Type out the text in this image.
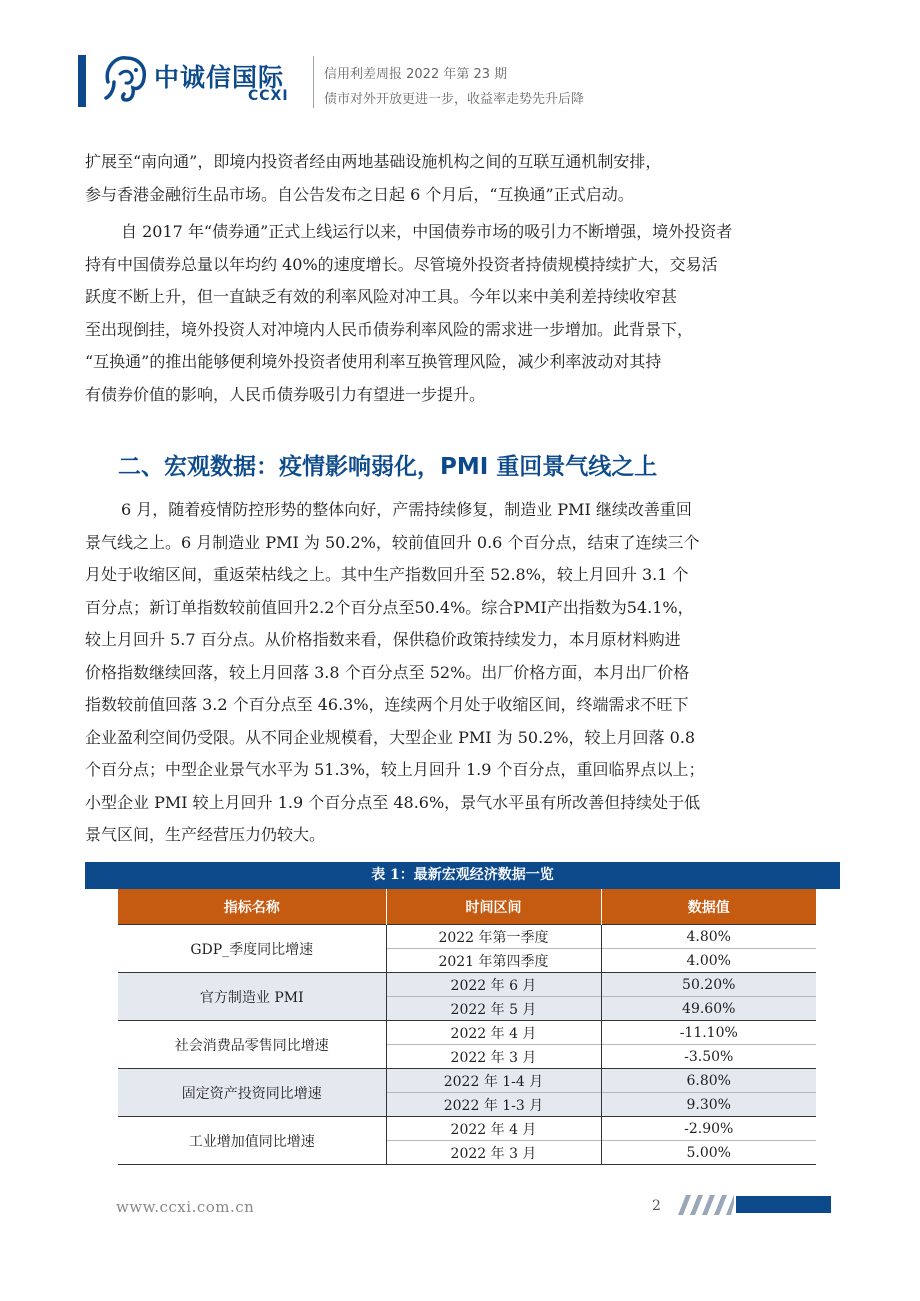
中诚信国际
CCXI
信用利差周报 2022 年第 23 期
债市对外开放更进一步，收益率走势先升后降
扩展至“南向通”，即境内投资者经由两地基础设施机构之间的互联互通机制安排，
参与香港金融衍生品市场。自公告发布之日起 6 个月后，“互换通”正式启动。
自 2017 年“债券通”正式上线运行以来，中国债券市场的吸引力不断增强，境外投资者
持有中国债券总量以年均约 40%的速度增长。尽管境外投资者持债规模持续扩大，交易活
跃度不断上升，但一直缺乏有效的利率风险对冲工具。今年以来中美利差持续收窄甚
至出现倒挂，境外投资人对冲境内人民币债券利率风险的需求进一步增加。此背景下，
“互换通”的推出能够便利境外投资者使用利率互换管理风险，减少利率波动对其持
有债券价值的影响，人民币债券吸引力有望进一步提升。
二、宏观数据：疫情影响弱化，PMI 重回景气线之上
6 月，随着疫情防控形势的整体向好，产需持续修复，制造业 PMI 继续改善重回
景气线之上。6 月制造业 PMI 为 50.2%，较前值回升 0.6 个百分点，结束了连续三个
月处于收缩区间，重返荣枯线之上。其中生产指数回升至 52.8%，较上月回升 3.1 个
百分点；新订单指数较前值回升2.2个百分点至50.4%。综合PMI产出指数为54.1%，
较上月回升 5.7 百分点。从价格指数来看，保供稳价政策持续发力，本月原材料购进
价格指数继续回落，较上月回落 3.8 个百分点至 52%。出厂价格方面，本月出厂价格
指数较前值回落 3.2 个百分点至 46.3%，连续两个月处于收缩区间，终端需求不旺下
企业盈利空间仍受限。从不同企业规模看，大型企业 PMI 为 50.2%，较上月回落 0.8
个百分点；中型企业景气水平为 51.3%，较上月回升 1.9 个百分点，重回临界点以上；
小型企业 PMI 较上月回升 1.9 个百分点至 48.6%，景气水平虽有所改善但持续处于低
景气区间，生产经营压力仍较大。
表 1：最新宏观经济数据一览
指标名称	时间区间	数据值
GDP_季度同比增速	2022 年第一季度	4.80%
	2021 年第四季度	4.00%
官方制造业 PMI	2022 年 6 月	50.20%
	2022 年 5 月	49.60%
社会消费品零售同比增速	2022 年 4 月	-11.10%
	2022 年 3 月	-3.50%
固定资产投资同比增速	2022 年 1-4 月	6.80%
	2022 年 1-3 月	9.30%
工业增加值同比增速	2022 年 4 月	-2.90%
	2022 年 3 月	5.00%
www.ccxi.com.cn	2
